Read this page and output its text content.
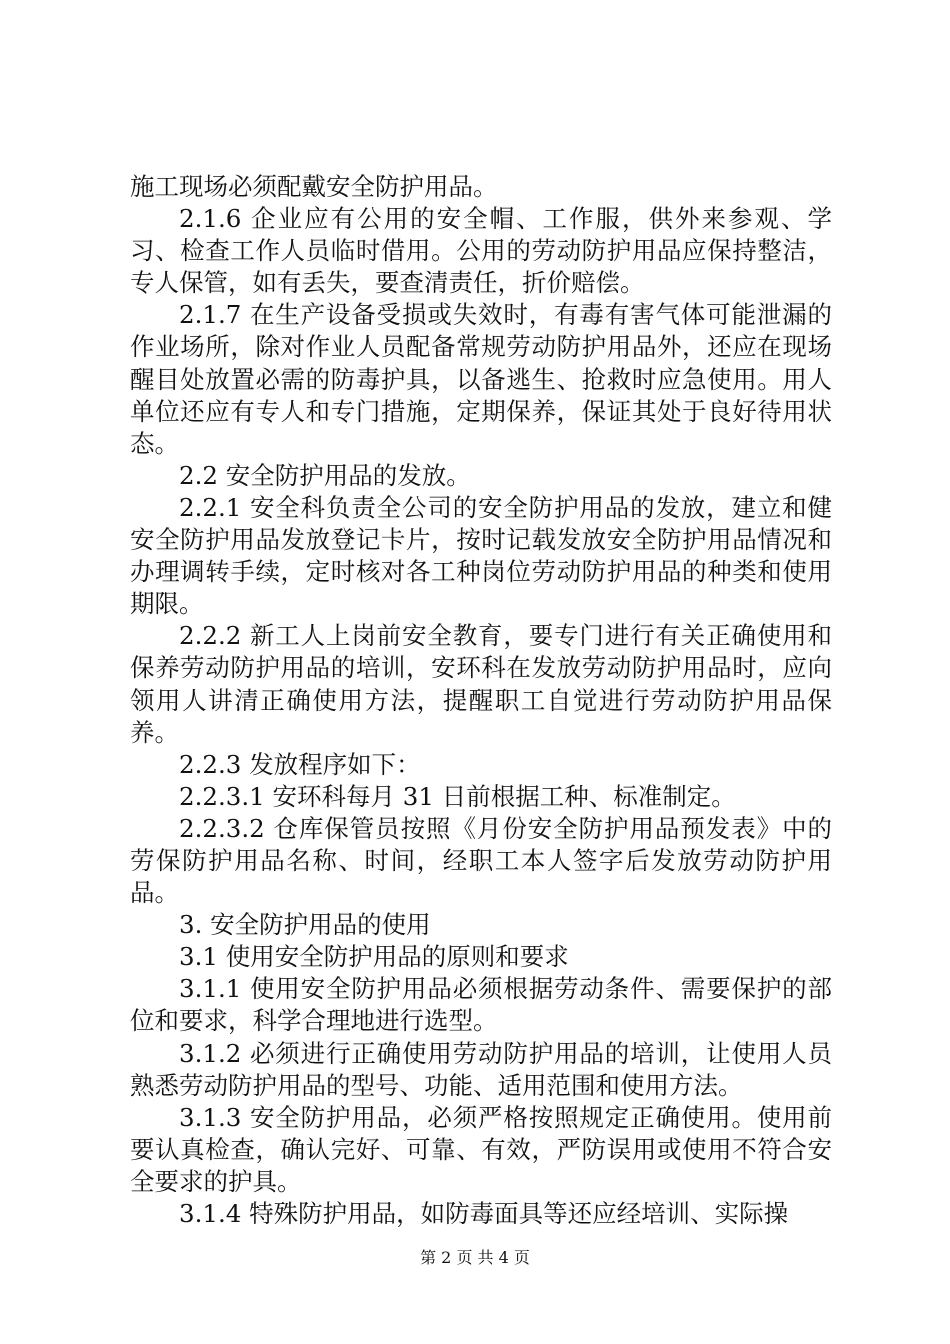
施工现场必须配戴安全防护用品。

2.1.6 企业应有公用的安全帽、工作服，供外来参观、学习、检查工作人员临时借用。公用的劳动防护用品应保持整洁，专人保管，如有丢失，要查清责任，折价赔偿。

2.1.7 在生产设备受损或失效时，有毒有害气体可能泄漏的作业场所，除对作业人员配备常规劳动防护用品外，还应在现场醒目处放置必需的防毒护具，以备逃生、抢救时应急使用。用人单位还应有专人和专门措施，定期保养，保证其处于良好待用状态。

2.2 安全防护用品的发放。

2.2.1 安全科负责全公司的安全防护用品的发放，建立和健安全防护用品发放登记卡片，按时记载发放安全防护用品情况和办理调转手续，定时核对各工种岗位劳动防护用品的种类和使用期限。

2.2.2 新工人上岗前安全教育，要专门进行有关正确使用和保养劳动防护用品的培训，安环科在发放劳动防护用品时，应向领用人讲清正确使用方法，提醒职工自觉进行劳动防护用品保养。

2.2.3 发放程序如下：

2.2.3.1 安环科每月 31 日前根据工种、标准制定。

2.2.3.2 仓库保管员按照《月份安全防护用品预发表》中的劳保防护用品名称、时间，经职工本人签字后发放劳动防护用品。

3. 安全防护用品的使用

3.1 使用安全防护用品的原则和要求

3.1.1 使用安全防护用品必须根据劳动条件、需要保护的部位和要求，科学合理地进行选型。

3.1.2 必须进行正确使用劳动防护用品的培训，让使用人员熟悉劳动防护用品的型号、功能、适用范围和使用方法。

3.1.3 安全防护用品，必须严格按照规定正确使用。使用前要认真检查，确认完好、可靠、有效，严防误用或使用不符合安全要求的护具。

3.1.4 特殊防护用品，如防毒面具等还应经培训、实际操

第 2 页 共 4 页
